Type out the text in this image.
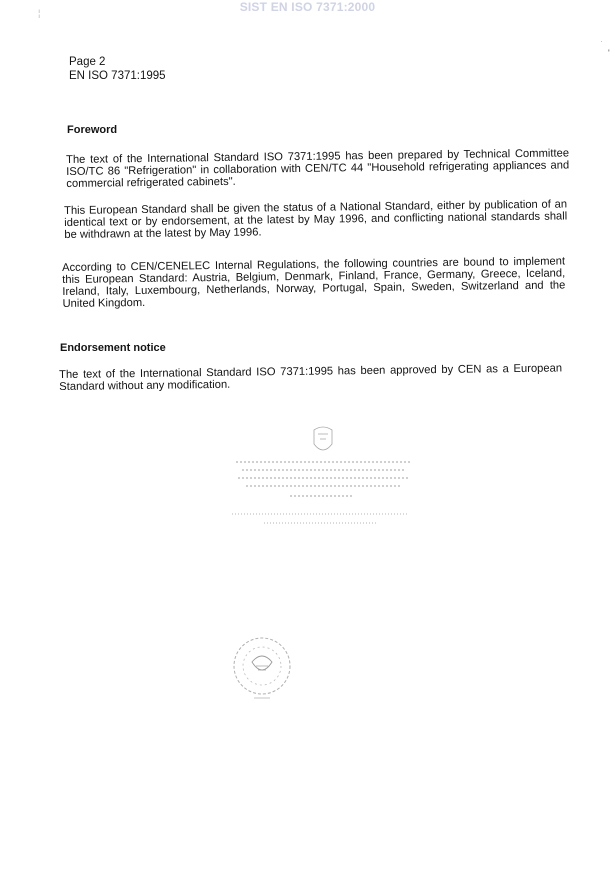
SIST EN ISO 7371:2000
¦
·
'
Page 2
EN ISO 7371:1995
Foreword
The text of the International Standard ISO 7371:1995 has been prepared by Technical Committee ISO/TC 86 "Refrigeration" in collaboration with CEN/TC 44 "Household refrigerating appliances and commercial refrigerated cabinets".
This European Standard shall be given the status of a National Standard, either by publication of an identical text or by endorsement, at the latest by May 1996, and conflicting national standards shall be withdrawn at the latest by May 1996.
According to CEN/CENELEC Internal Regulations, the following countries are bound to implement this European Standard: Austria, Belgium, Denmark, Finland, France, Germany, Greece, Iceland, Ireland, Italy, Luxembourg, Netherlands, Norway, Portugal, Spain, Sweden, Switzerland and the United Kingdom.
Endorsement notice
The text of the International Standard ISO 7371:1995 has been approved by CEN as a European Standard without any modification.
